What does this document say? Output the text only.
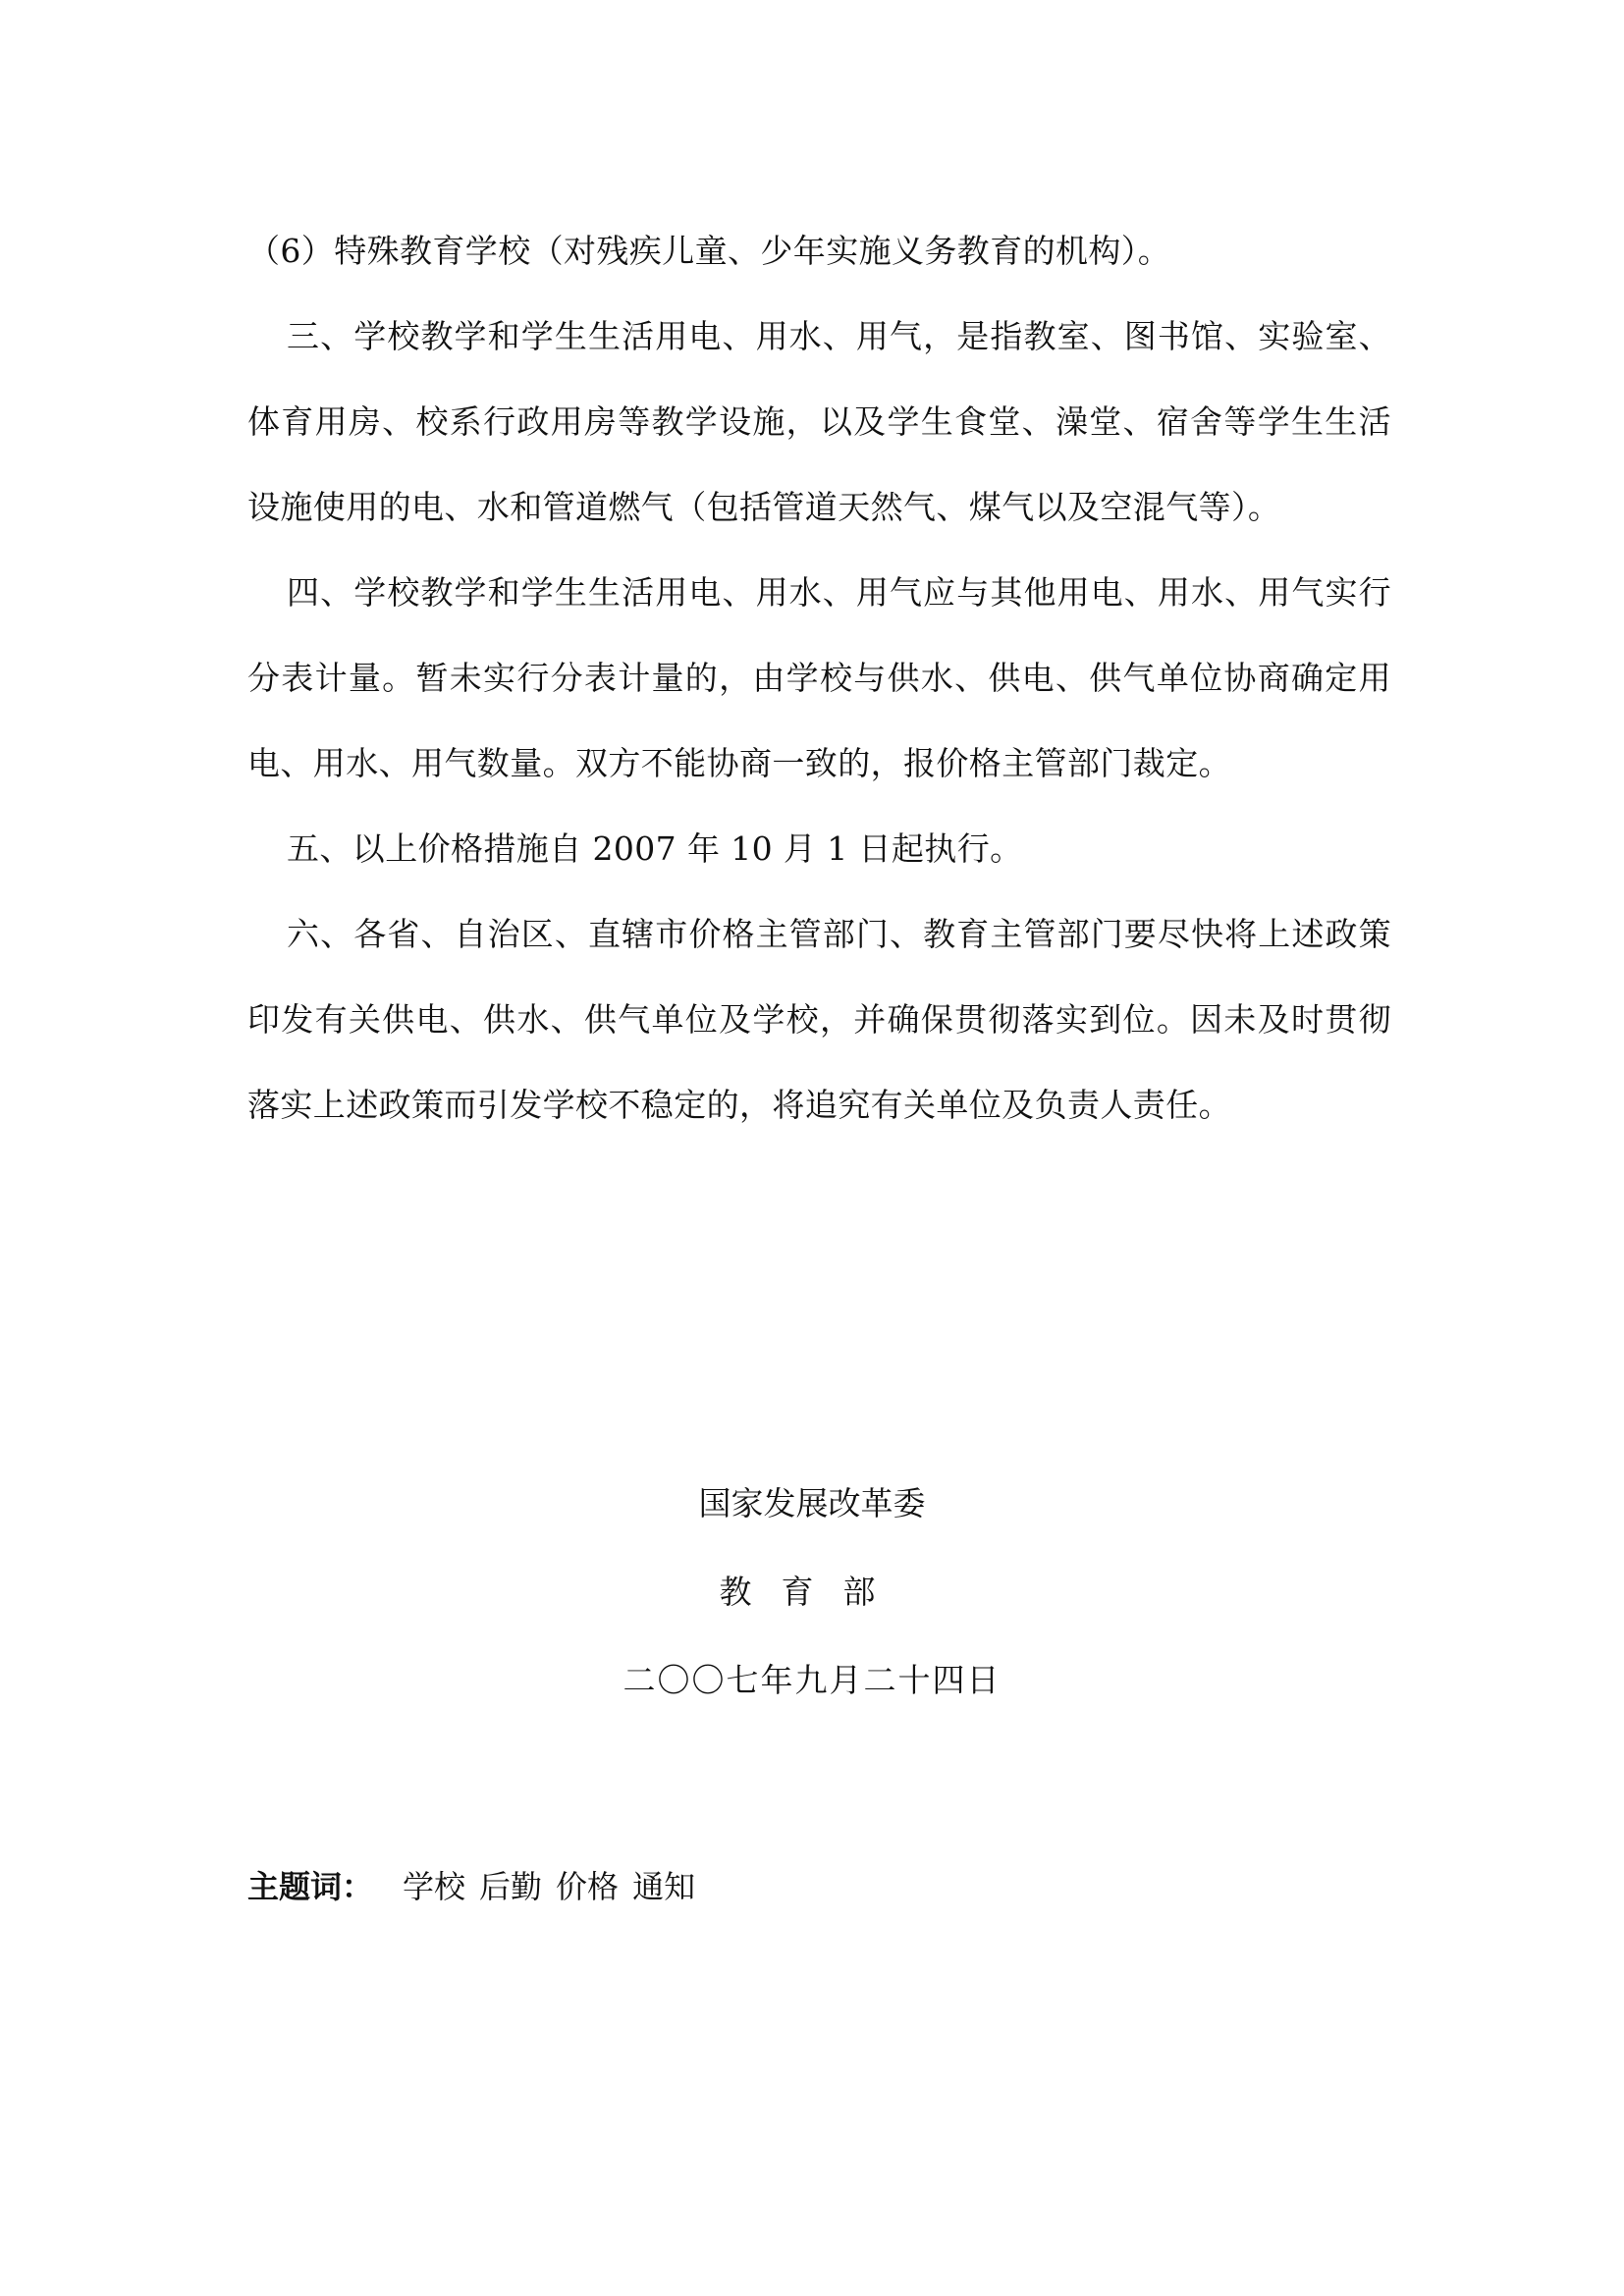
（6）特殊教育学校（对残疾儿童、少年实施义务教育的机构）。

三、学校教学和学生生活用电、用水、用气，是指教室、图书馆、实验室、体育用房、校系行政用房等教学设施，以及学生食堂、澡堂、宿舍等学生生活设施使用的电、水和管道燃气（包括管道天然气、煤气以及空混气等）。

四、学校教学和学生生活用电、用水、用气应与其他用电、用水、用气实行分表计量。暂未实行分表计量的，由学校与供水、供电、供气单位协商确定用电、用水、用气数量。双方不能协商一致的，报价格主管部门裁定。

五、以上价格措施自 2007 年 10 月 1 日起执行。

六、各省、自治区、直辖市价格主管部门、教育主管部门要尽快将上述政策印发有关供电、供水、供气单位及学校，并确保贯彻落实到位。因未及时贯彻落实上述政策而引发学校不稳定的，将追究有关单位及负责人责任。

国家发展改革委
教育部
二〇〇七年九月二十四日
主题词： 学校 后勤 价格 通知
